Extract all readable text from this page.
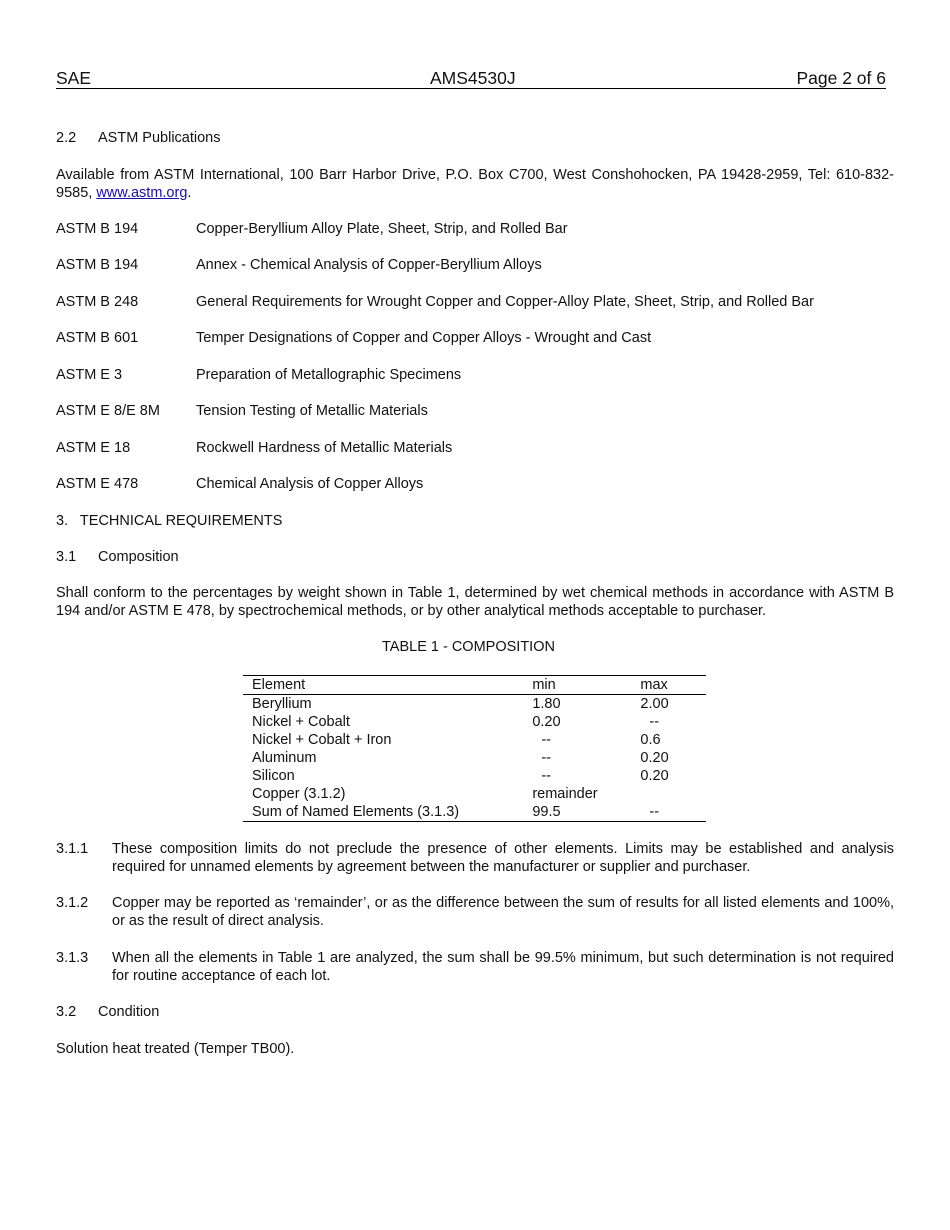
SAE	AMS4530J	Page 2 of 6
2.2 ASTM Publications
Available from ASTM International, 100 Barr Harbor Drive, P.O. Box C700, West Conshohocken, PA 19428-2959, Tel: 610-832-9585, www.astm.org.
ASTM B 194	Copper-Beryllium Alloy Plate, Sheet, Strip, and Rolled Bar
ASTM B 194	Annex - Chemical Analysis of Copper-Beryllium Alloys
ASTM B 248	General Requirements for Wrought Copper and Copper-Alloy Plate, Sheet, Strip, and Rolled Bar
ASTM B 601	Temper Designations of Copper and Copper Alloys - Wrought and Cast
ASTM E 3	Preparation of Metallographic Specimens
ASTM E 8/E 8M Tension Testing of Metallic Materials
ASTM E 18	Rockwell Hardness of Metallic Materials
ASTM E 478	Chemical Analysis of Copper Alloys
3.   TECHNICAL REQUIREMENTS
3.1 Composition
Shall conform to the percentages by weight shown in Table 1, determined by wet chemical methods in accordance with ASTM B 194 and/or ASTM E 478, by spectrochemical methods, or by other analytical methods acceptable to purchaser.
TABLE 1 - COMPOSITION
Element	min	max
Beryllium	1.80	2.00
Nickel + Cobalt	0.20	--
Nickel + Cobalt + Iron	--	0.6
Aluminum	--	0.20
Silicon	--	0.20
Copper (3.1.2)	remainder	
Sum of Named Elements (3.1.3)	99.5	--
3.1.1 These composition limits do not preclude the presence of other elements. Limits may be established and analysis required for unnamed elements by agreement between the manufacturer or supplier and purchaser.
3.1.2 Copper may be reported as ‘remainder’, or as the difference between the sum of results for all listed elements and 100%, or as the result of direct analysis.
3.1.3 When all the elements in Table 1 are analyzed, the sum shall be 99.5% minimum, but such determination is not required for routine acceptance of each lot.
3.2 Condition
Solution heat treated (Temper TB00).
